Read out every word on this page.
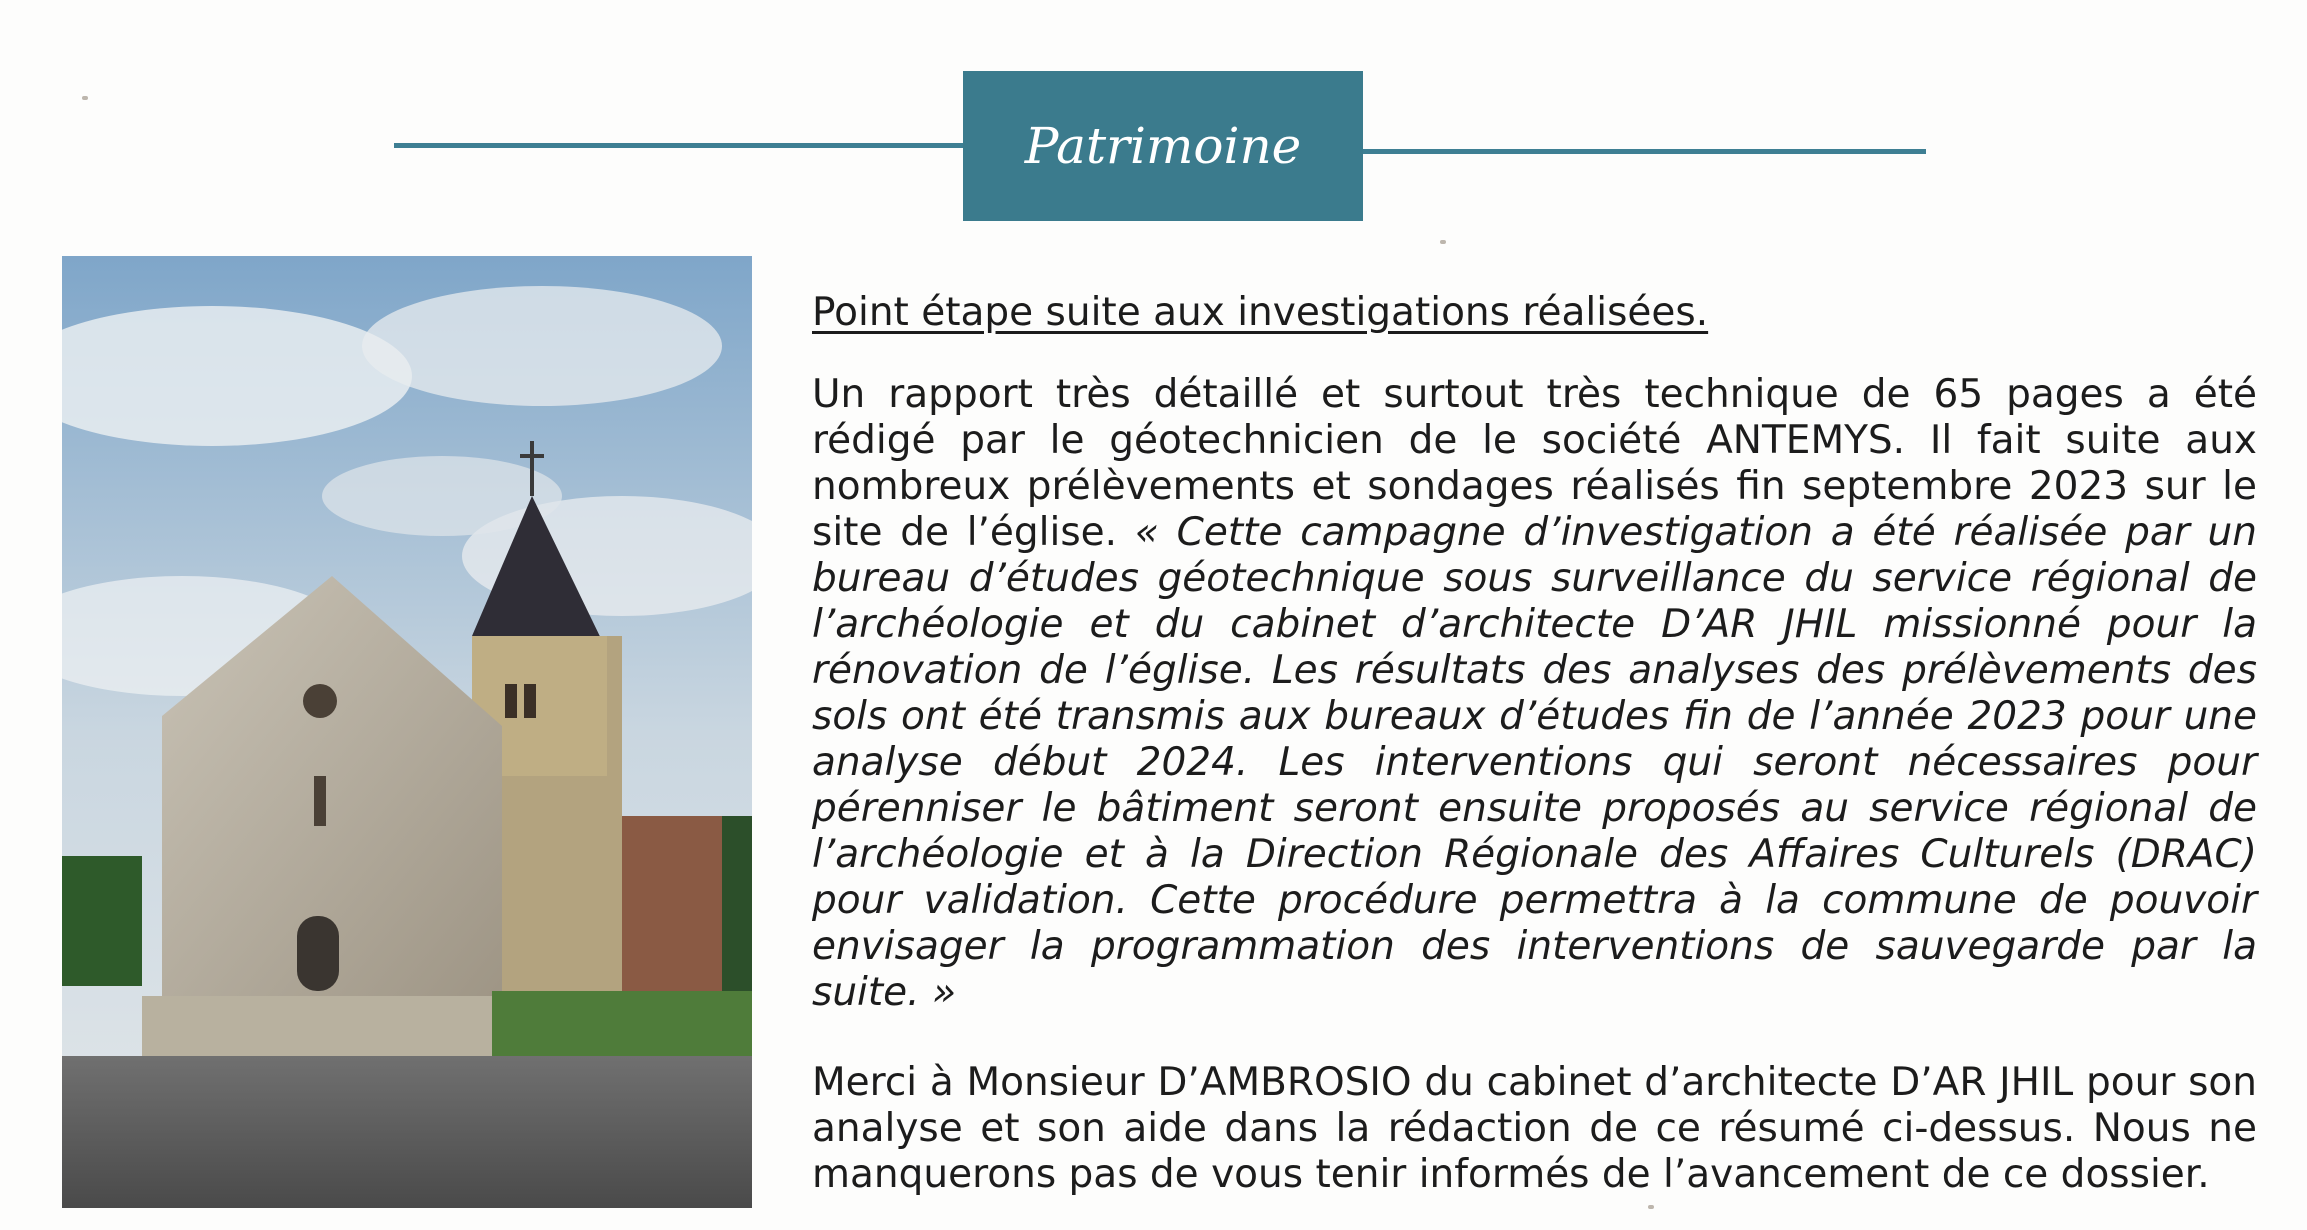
Patrimoine
Point étape suite aux investigations réalisées.

Un rapport très détaillé et surtout très technique de 65 pages a été rédigé par le géotechnicien de le société ANTEMYS. Il fait suite aux nombreux prélèvements et sondages réalisés fin septembre 2023 sur le site de l’église. « Cette campagne d’investigation a été réalisée par un bureau d’études géotechnique sous surveillance du service régional de l’archéologie et du cabinet d’architecte D’AR JHIL missionné pour la rénovation de l’église. Les résultats des analyses des prélèvements des sols ont été transmis aux bureaux d’études fin de l’année 2023 pour une analyse début 2024. Les interventions qui seront nécessaires pour pérenniser le bâtiment seront ensuite proposés au service régional de l’archéologie et à la Direction Régionale des Affaires Culturels (DRAC) pour validation. Cette procédure permettra à la commune de pouvoir envisager la programmation des interventions de sauvegarde par la suite. »

Merci à Monsieur D’AMBROSIO du cabinet d’architecte D’AR JHIL pour son analyse et son aide dans la rédaction de ce résumé ci-dessus. Nous ne manquerons pas de vous tenir informés de l’avancement de ce dossier.
